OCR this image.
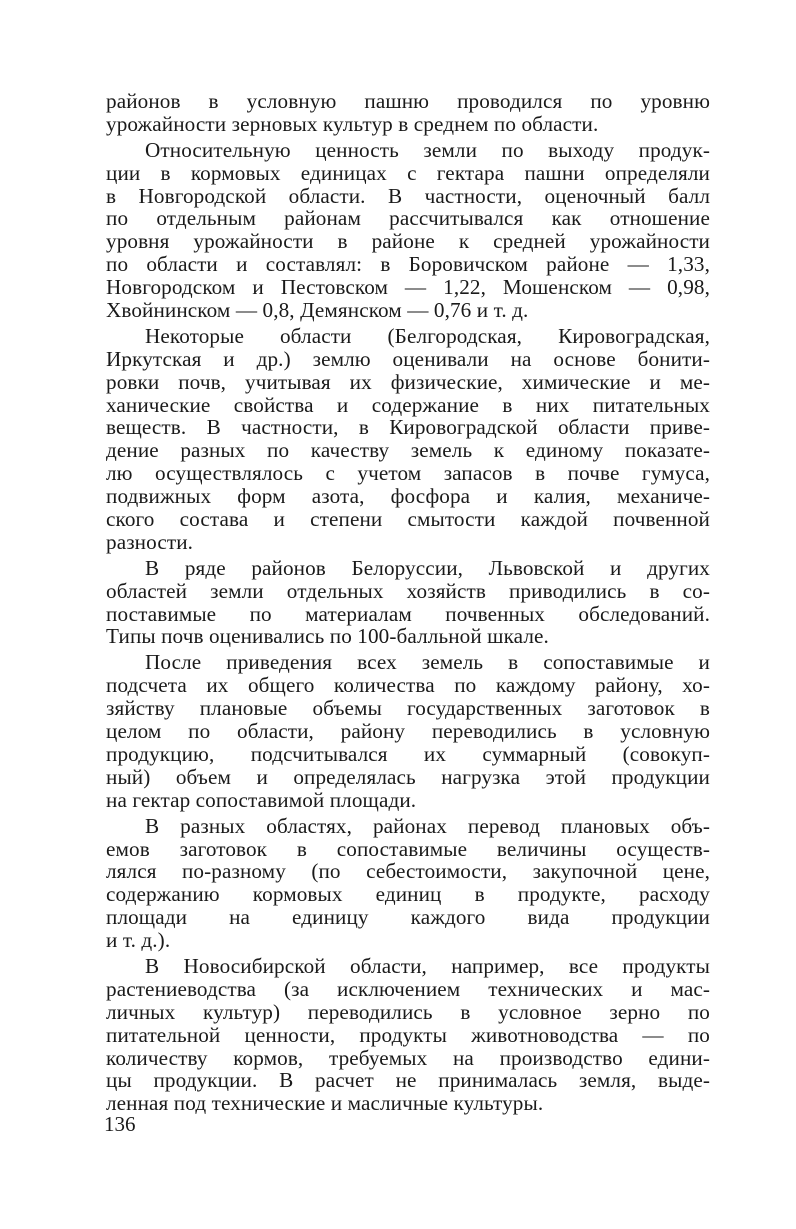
районов в условную пашню проводился по уровню
урожайности зерновых культур в среднем по области.
Относительную ценность земли по выходу продук-
ции в кормовых единицах с гектара пашни определяли
в Новгородской области. В частности, оценочный балл
по отдельным районам рассчитывался как отношение
уровня урожайности в районе к средней урожайности
по области и составлял: в Боровичском районе — 1,33,
Новгородском и Пестовском — 1,22, Мошенском — 0,98,
Хвойнинском — 0,8, Демянском — 0,76 и т. д.
Некоторые области (Белгородская, Кировоградская,
Иркутская и др.) землю оценивали на основе бонити-
ровки почв, учитывая их физические, химические и ме-
ханические свойства и содержание в них питательных
веществ. В частности, в Кировоградской области приве-
дение разных по качеству земель к единому показате-
лю осуществлялось с учетом запасов в почве гумуса,
подвижных форм азота, фосфора и калия, механиче-
ского состава и степени смытости каждой почвенной
разности.
В ряде районов Белоруссии, Львовской и других
областей земли отдельных хозяйств приводились в со-
поставимые по материалам почвенных обследований.
Типы почв оценивались по 100-балльной шкале.
После приведения всех земель в сопоставимые и
подсчета их общего количества по каждому району, хо-
зяйству плановые объемы государственных заготовок в
целом по области, району переводились в условную
продукцию, подсчитывался их суммарный (совокуп-
ный) объем и определялась нагрузка этой продукции
на гектар сопоставимой площади.
В разных областях, районах перевод плановых объ-
емов заготовок в сопоставимые величины осуществ-
лялся по-разному (по себестоимости, закупочной цене,
содержанию кормовых единиц в продукте, расходу
площади на единицу каждого вида продукции
и т. д.).
В Новосибирской области, например, все продукты
растениеводства (за исключением технических и мас-
личных культур) переводились в условное зерно по
питательной ценности, продукты животноводства — по
количеству кормов, требуемых на производство едини-
цы продукции. В расчет не принималась земля, выде-
ленная под технические и масличные культуры.
136
